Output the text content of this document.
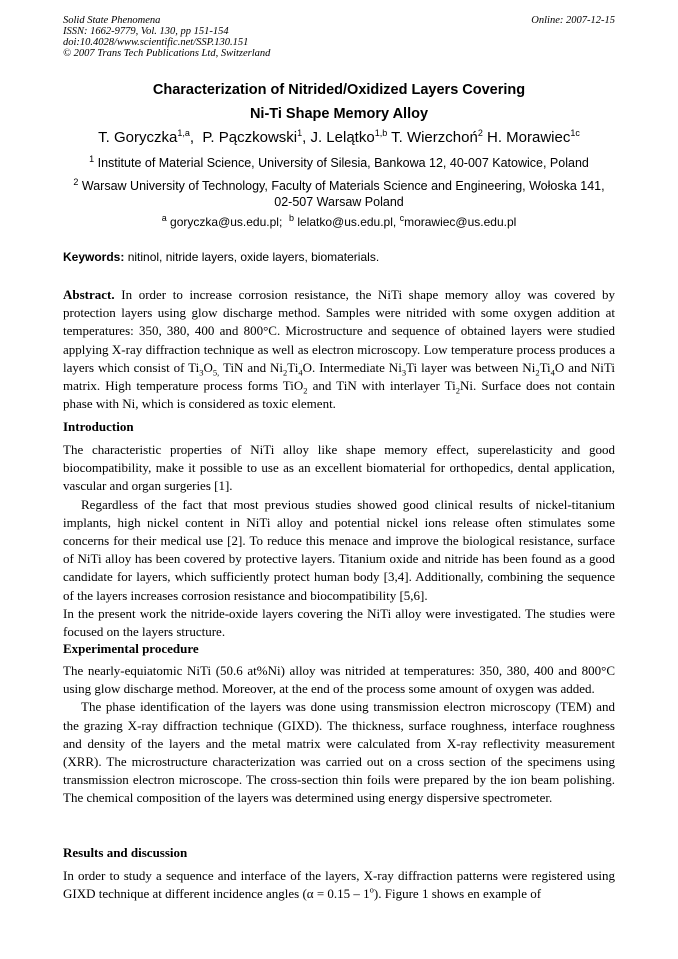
Solid State Phenomena	Online: 2007-12-15
ISSN: 1662-9779, Vol. 130, pp 151-154
doi:10.4028/www.scientific.net/SSP.130.151
© 2007 Trans Tech Publications Ltd, Switzerland
Characterization of Nitrided/Oxidized Layers Covering
Ni-Ti Shape Memory Alloy
T. Goryczka$^{1,a}$,  P. Pączkowski$^1$, J. Lelątko$^{1,b}$ T. Wierzchoń$^2$ H. Morawiec$^{1c}$
$^1$ Institute of Material Science, University of Silesia, Bankowa 12, 40-007 Katowice, Poland
$^2$ Warsaw University of Technology, Faculty of Materials Science and Engineering, Wołoska 141,
02-507 Warsaw Poland
$^a$ goryczka@us.edu.pl; $^b$ lelatko@us.edu.pl, $^c$morawiec@us.edu.pl
Keywords: nitinol, nitride layers, oxide layers, biomaterials.

Abstract. In order to increase corrosion resistance, the NiTi shape memory alloy was covered by protection layers using glow discharge method. Samples were nitrided with some oxygen addition at temperatures: 350, 380, 400 and 800°C. Microstructure and sequence of obtained layers were studied applying X-ray diffraction technique as well as electron microscopy. Low temperature process produces a layers which consist of $Ti_3O_{5,}$ TiN and $Ni_2Ti_4O$. Intermediate $Ni_3Ti$ layer was between $Ni_2Ti_4O$ and NiTi matrix. High temperature process forms TiO$_2$ and TiN with interlayer $Ti_2Ni$. Surface does not contain phase with Ni, which is considered as toxic element.

Introduction

The characteristic properties of NiTi alloy like shape memory effect, superelasticity and good biocompatibility, make it possible to use as an excellent biomaterial for orthopedics, dental application, vascular and organ surgeries [1].

Regardless of the fact that most previous studies showed good clinical results of nickel-titanium implants, high nickel content in NiTi alloy and potential nickel ions release often stimulates some concerns for their medical use [2]. To reduce this menace and improve the biological resistance, surface of NiTi alloy has been covered by protective layers. Titanium oxide and nitride has been found as a good candidate for layers, which sufficiently protect human body [3,4]. Additionally, combining the sequence of the layers increases corrosion resistance and biocompatibility [5,6].

In the present work the nitride-oxide layers covering the NiTi alloy were investigated. The studies were focused on the layers structure.

Experimental procedure

The nearly-equiatomic NiTi (50.6 at%Ni) alloy was nitrided at temperatures: 350, 380, 400 and 800°C using glow discharge method. Moreover, at the end of the process some amount of oxygen was added.

The phase identification of the layers was done using transmission electron microscopy (TEM) and the grazing X-ray diffraction technique (GIXD). The thickness, surface roughness, interface roughness and density of the layers and the metal matrix were calculated from X-ray reflectivity measurement (XRR). The microstructure characterization was carried out on a cross section of the specimens using transmission electron microscope. The cross-section thin foils were prepared by the ion beam polishing. The chemical composition of the layers was determined using energy dispersive spectrometer.

Results and discussion

In order to study a sequence and interface of the layers, X-ray diffraction patterns were registered using GIXD technique at different incidence angles (α = 0.15 – 1$^o$). Figure 1 shows en example of
